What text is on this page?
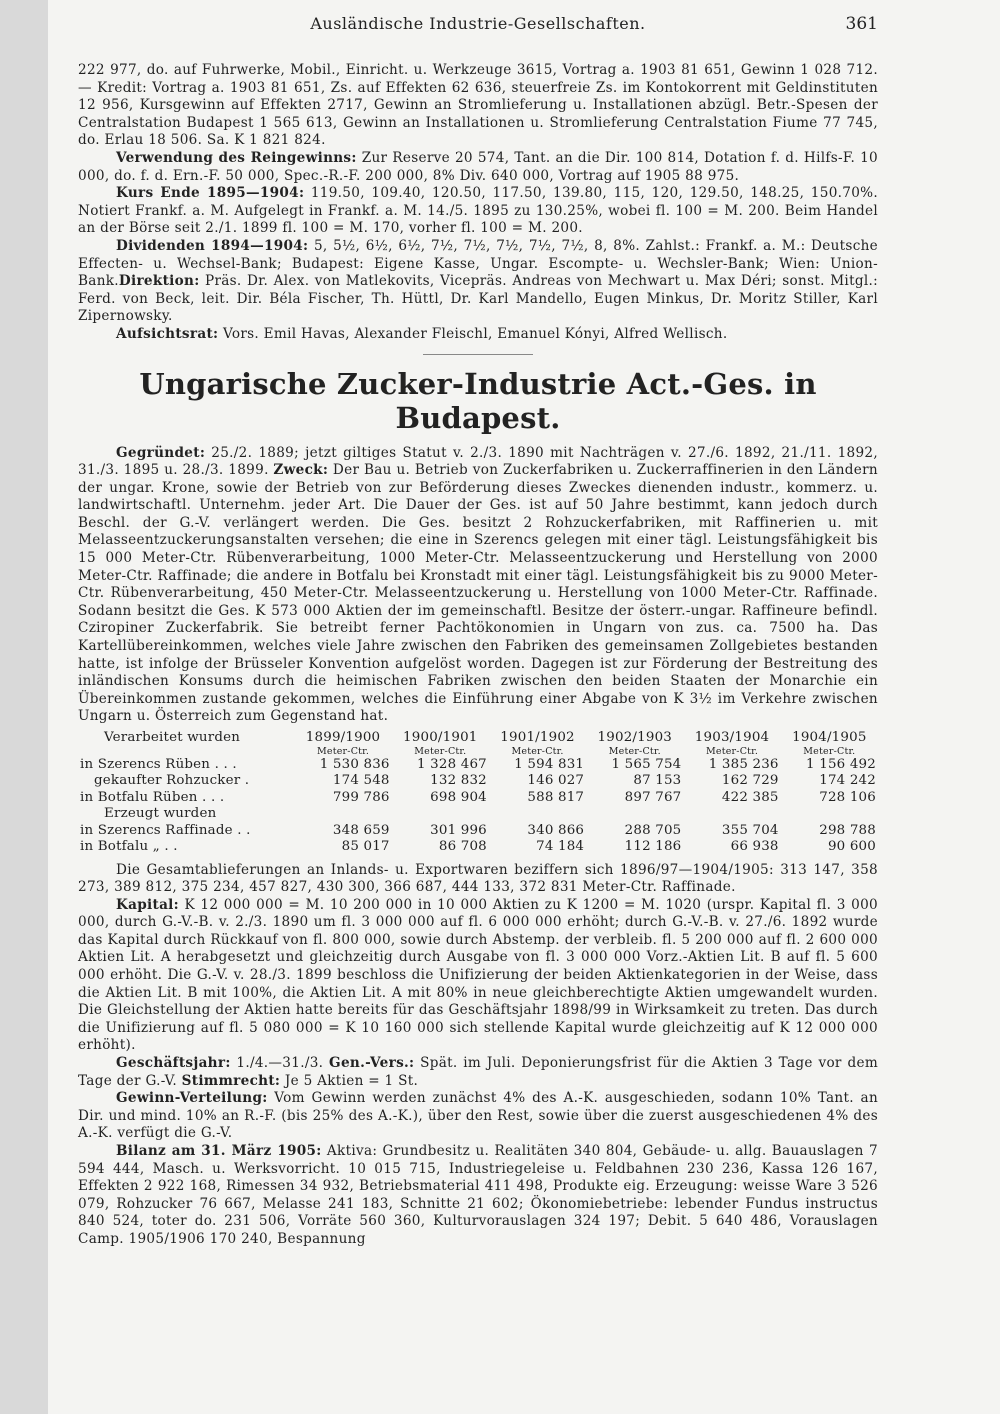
Ausländische Industrie-Gesellschaften.	361

222 977, do. auf Fuhrwerke, Mobil., Einricht. u. Werkzeuge 3615, Vortrag a. 1903 81 651, Gewinn 1 028 712. — Kredit: Vortrag a. 1903 81 651, Zs. auf Effekten 62 636, steuerfreie Zs. im Kontokorrent mit Geldinstituten 12 956, Kursgewinn auf Effekten 2717, Gewinn an Stromlieferung u. Installationen abzügl. Betr.-Spesen der Centralstation Budapest 1 565 613, Gewinn an Installationen u. Stromlieferung Centralstation Fiume 77 745, do. Erlau 18 506. Sa. K 1 821 824.

Verwendung des Reingewinns: Zur Reserve 20 574, Tant. an die Dir. 100 814, Dotation f. d. Hilfs-F. 10 000, do. f. d. Ern.-F. 50 000, Spec.-R.-F. 200 000, 8% Div. 640 000, Vortrag auf 1905 88 975.

Kurs Ende 1895—1904: 119.50, 109.40, 120.50, 117.50, 139.80, 115, 120, 129.50, 148.25, 150.70%. Notiert Frankf. a. M. Aufgelegt in Frankf. a. M. 14./5. 1895 zu 130.25%, wobei fl. 100 = M. 200. Beim Handel an der Börse seit 2./1. 1899 fl. 100 = M. 170, vorher fl. 100 = M. 200.

Dividenden 1894—1904: 5, 5½, 6½, 6½, 7½, 7½, 7½, 7½, 7½, 8, 8%. Zahlst.: Frankf. a. M.: Deutsche Effecten- u. Wechsel-Bank; Budapest: Eigene Kasse, Ungar. Escompte- u. Wechsler-Bank; Wien: Union-Bank.Direktion: Präs. Dr. Alex. von Matlekovits, Vicepräs. Andreas von Mechwart u. Max Déri; sonst. Mitgl.: Ferd. von Beck, leit. Dir. Béla Fischer, Th. Hüttl, Dr. Karl Mandello, Eugen Minkus, Dr. Moritz Stiller, Karl Zipernowsky.

Aufsichtsrat: Vors. Emil Havas, Alexander Fleischl, Emanuel Kónyi, Alfred Wellisch.

Ungarische Zucker-Industrie Act.-Ges. in Budapest.

Gegründet: 25./2. 1889; jetzt giltiges Statut v. 2./3. 1890 mit Nachträgen v. 27./6. 1892, 21./11. 1892, 31./3. 1895 u. 28./3. 1899. Zweck: Der Bau u. Betrieb von Zuckerfabriken u. Zuckerraffinerien in den Ländern der ungar. Krone, sowie der Betrieb von zur Beförderung dieses Zweckes dienenden industr., kommerz. u. landwirtschaftl. Unternehm. jeder Art. Die Dauer der Ges. ist auf 50 Jahre bestimmt, kann jedoch durch Beschl. der G.-V. verlängert werden. Die Ges. besitzt 2 Rohzuckerfabriken, mit Raffinerien u. mit Melasseentzuckerungsanstalten versehen; die eine in Szerencs gelegen mit einer tägl. Leistungsfähigkeit bis 15 000 Meter-Ctr. Rübenverarbeitung, 1000 Meter-Ctr. Melasseentzuckerung und Herstellung von 2000 Meter-Ctr. Raffinade; die andere in Botfalu bei Kronstadt mit einer tägl. Leistungsfähigkeit bis zu 9000 Meter-Ctr. Rübenverarbeitung, 450 Meter-Ctr. Melasseentzuckerung u. Herstellung von 1000 Meter-Ctr. Raffinade. Sodann besitzt die Ges. K 573 000 Aktien der im gemeinschaftl. Besitze der österr.-ungar. Raffineure befindl. Cziropiner Zuckerfabrik. Sie betreibt ferner Pachtökonomien in Ungarn von zus. ca. 7500 ha. Das Kartellübereinkommen, welches viele Jahre zwischen den Fabriken des gemeinsamen Zollgebietes bestanden hatte, ist infolge der Brüsseler Konvention aufgelöst worden. Dagegen ist zur Förderung der Bestreitung des inländischen Konsums durch die heimischen Fabriken zwischen den beiden Staaten der Monarchie ein Übereinkommen zustande gekommen, welches die Einführung einer Abgabe von K 3½ im Verkehre zwischen Ungarn u. Österreich zum Gegenstand hat.

Verarbeitet wurden	1899/1900	1900/1901	1901/1902	1902/1903	1903/1904	1904/1905
	Meter-Ctr.	Meter-Ctr.	Meter-Ctr.	Meter-Ctr.	Meter-Ctr.	Meter-Ctr.
in Szerencs Rüben . . .	1 530 836	1 328 467	1 594 831	1 565 754	1 385 236	1 156 492
gekaufter Rohzucker .	174 548	132 832	146 027	87 153	162 729	174 242
in Botfalu Rüben . . .	799 786	698 904	588 817	897 767	422 385	728 106
Erzeugt wurden						
in Szerencs Raffinade . .	348 659	301 996	340 866	288 705	355 704	298 788
in Botfalu „ . .	85 017	86 708	74 184	112 186	66 938	90 600

Die Gesamtablieferungen an Inlands- u. Exportwaren beziffern sich 1896/97—1904/1905: 313 147, 358 273, 389 812, 375 234, 457 827, 430 300, 366 687, 444 133, 372 831 Meter-Ctr. Raffinade.

Kapital: K 12 000 000 = M. 10 200 000 in 10 000 Aktien zu K 1200 = M. 1020 (urspr. Kapital fl. 3 000 000, durch G.-V.-B. v. 2./3. 1890 um fl. 3 000 000 auf fl. 6 000 000 erhöht; durch G.-V.-B. v. 27./6. 1892 wurde das Kapital durch Rückkauf von fl. 800 000, sowie durch Abstemp. der verbleib. fl. 5 200 000 auf fl. 2 600 000 Aktien Lit. A herabgesetzt und gleichzeitig durch Ausgabe von fl. 3 000 000 Vorz.-Aktien Lit. B auf fl. 5 600 000 erhöht. Die G.-V. v. 28./3. 1899 beschloss die Unifizierung der beiden Aktienkategorien in der Weise, dass die Aktien Lit. B mit 100%, die Aktien Lit. A mit 80% in neue gleichberechtigte Aktien umgewandelt wurden. Die Gleichstellung der Aktien hatte bereits für das Geschäftsjahr 1898/99 in Wirksamkeit zu treten. Das durch die Unifizierung auf fl. 5 080 000 = K 10 160 000 sich stellende Kapital wurde gleichzeitig auf K 12 000 000 erhöht).

Geschäftsjahr: 1./4.—31./3. Gen.-Vers.: Spät. im Juli. Deponierungsfrist für die Aktien 3 Tage vor dem Tage der G.-V. Stimmrecht: Je 5 Aktien = 1 St.

Gewinn-Verteilung: Vom Gewinn werden zunächst 4% des A.-K. ausgeschieden, sodann 10% Tant. an Dir. und mind. 10% an R.-F. (bis 25% des A.-K.), über den Rest, sowie über die zuerst ausgeschiedenen 4% des A.-K. verfügt die G.-V.

Bilanz am 31. März 1905: Aktiva: Grundbesitz u. Realitäten 340 804, Gebäude- u. allg. Bauauslagen 7 594 444, Masch. u. Werksvorricht. 10 015 715, Industriegeleise u. Feldbahnen 230 236, Kassa 126 167, Effekten 2 922 168, Rimessen 34 932, Betriebsmaterial 411 498, Produkte eig. Erzeugung: weisse Ware 3 526 079, Rohzucker 76 667, Melasse 241 183, Schnitte 21 602; Ökonomiebetriebe: lebender Fundus instructus 840 524, toter do. 231 506, Vorräte 560 360, Kulturvorauslagen 324 197; Debit. 5 640 486, Vorauslagen Camp. 1905/1906 170 240, Bespannung
